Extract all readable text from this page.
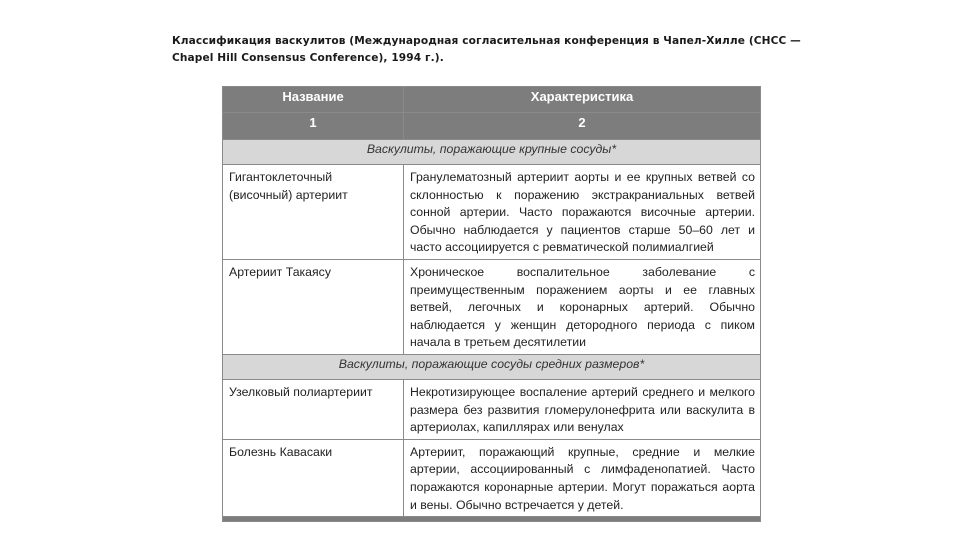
Классификация васкулитов (Международная согласительная конференция в Чапел-Хилле (CHCC — Chapel Hill Consensus Conference), 1994 г.).
Название	Характеристика
1	2
Васкулиты, поражающие крупные сосуды*	
Гигантоклеточный (височный) артериит	Гранулематозный артериит аорты и ее крупных ветвей со склонностью к поражению экстракраниальных ветвей сонной артерии. Часто поражаются височные артерии. Обычно наблюдается у пациентов старше 50–60 лет и часто ассоциируется с ревматической полимиалгией
Артериит Такаясу	Хроническое воспалительное заболевание с преимущественным поражением аорты и ее главных ветвей, легочных и коронарных артерий. Обычно наблюдается у женщин детородного периода с пиком начала в третьем десятилетии
Васкулиты, поражающие сосуды средних размеров*	
Узелковый полиартериит	Некротизирующее воспаление артерий среднего и мелкого размера без развития гломерулонефрита или васкулита в артериолах, капиллярах или венулах
Болезнь Кавасаки	Артериит, поражающий крупные, средние и мелкие артерии, ассоциированный с лимфаденопатией. Часто поражаются коронарные артерии. Могут поражаться аорта и вены. Обычно встречается у детей.
